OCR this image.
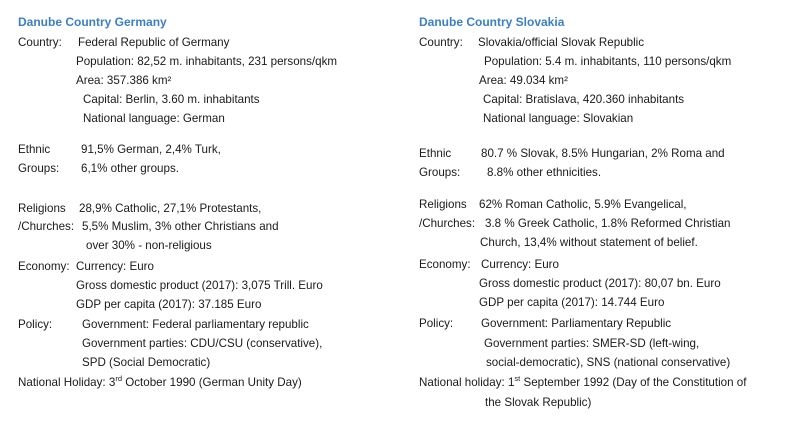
Danube Country Germany
Country: Federal Republic of Germany
Population: 82,52 m. inhabitants, 231 persons/qkm
Area: 357.386 km²
Capital: Berlin, 3.60 m. inhabitants
National language: German
Ethnic	91,5% German, 2,4% Turk,
Groups: 6,1% other groups.
Religions 28,9% Catholic, 27,1% Protestants,
/Churches: 5,5% Muslim, 3% other Christians and
over 30% - non-religious
Economy: Currency: Euro
Gross domestic product (2017): 3,075 Trill. Euro
GDP per capita (2017): 37.185 Euro
Policy:	Government: Federal parliamentary republic
Government parties: CDU/CSU (conservative),
SPD (Social Democratic)
National Holiday: 3rd October 1990 (German Unity Day)
Danube Country Slovakia
Country: Slovakia/official Slovak Republic
Population: 5.4 m. inhabitants, 110 persons/qkm
Area: 49.034 km²
Capital: Bratislava, 420.360 inhabitants
National language: Slovakian
Ethnic	80.7 % Slovak, 8.5% Hungarian, 2% Roma and
Groups: 8.8% other ethnicities.
Religions 62% Roman Catholic, 5.9% Evangelical,
/Churches: 3.8 % Greek Catholic, 1.8% Reformed Christian
Church, 13,4% without statement of belief.
Economy: Currency: Euro
Gross domestic product (2017): 80,07 bn. Euro
GDP per capita (2017): 14.744 Euro
Policy: Government: Parliamentary Republic
Government parties: SMER-SD (left-wing,
social-democratic), SNS (national conservative)
National holiday: 1st September 1992 (Day of the Constitution of
the Slovak Republic)
